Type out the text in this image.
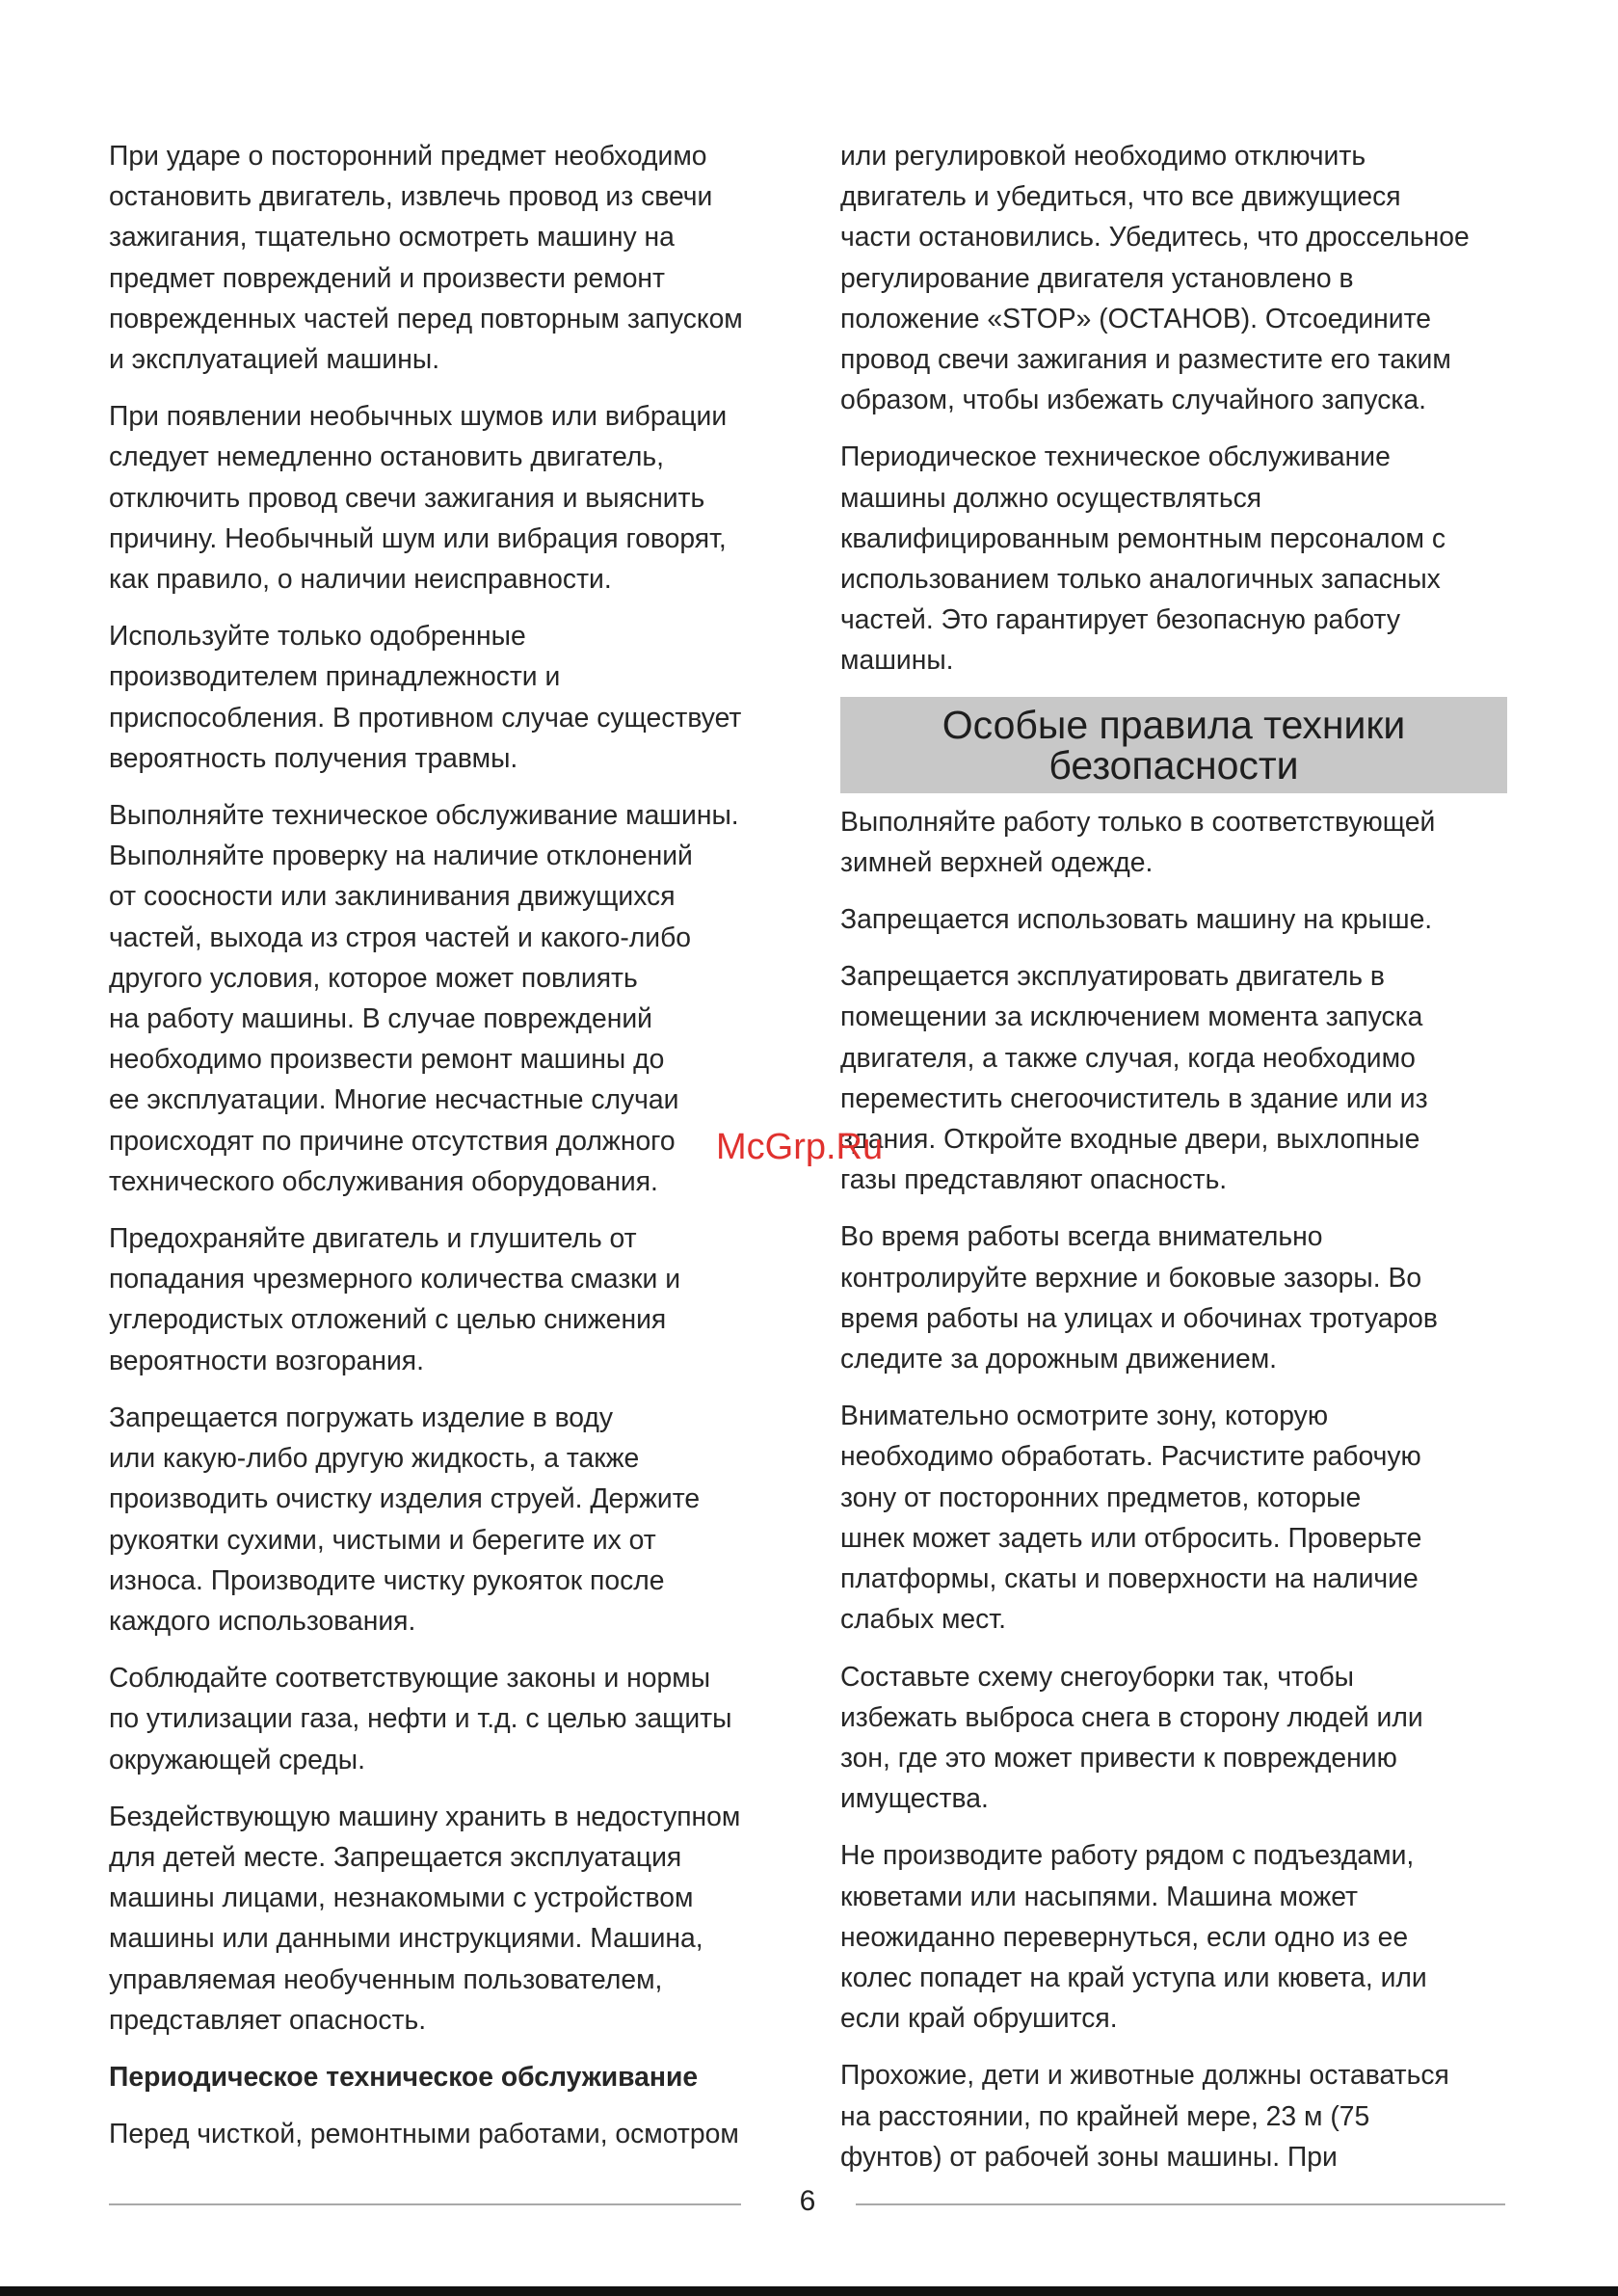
При ударе о посторонний предмет необходимо
остановить двигатель, извлечь провод из свечи
зажигания, тщательно осмотреть машину на
предмет повреждений и произвести ремонт
поврежденных частей перед повторным запуском
и эксплуатацией машины.

При появлении необычных шумов или вибрации
следует немедленно остановить двигатель,
отключить провод свечи зажигания и выяснить
причину. Необычный шум или вибрация говорят,
как правило, о наличии неисправности.

Используйте только одобренные
производителем принадлежности и
приспособления. В противном случае существует
вероятность получения травмы.

Выполняйте техническое обслуживание машины.
Выполняйте проверку на наличие отклонений
от соосности или заклинивания движущихся
частей, выхода из строя частей и какого-либо
другого условия, которое может повлиять
на работу машины. В случае повреждений
необходимо произвести ремонт машины до
ее эксплуатации. Многие несчастные случаи
происходят по причине отсутствия должного
технического обслуживания оборудования.

Предохраняйте двигатель и глушитель от
попадания чрезмерного количества смазки и
углеродистых отложений с целью снижения
вероятности возгорания.

Запрещается погружать изделие в воду
или какую-либо другую жидкость, а также
производить очистку изделия струей. Держите
рукоятки сухими, чистыми и берегите их от
износа. Производите чистку рукояток после
каждого использования.

Соблюдайте соответствующие законы и нормы
по утилизации газа, нефти и т.д. с целью защиты
окружающей среды.

Бездействующую машину хранить в недоступном
для детей месте. Запрещается эксплуатация
машины лицами, незнакомыми с устройством
машины или данными инструкциями. Машина,
управляемая необученным пользователем,
представляет опасность.

Периодическое техническое обслуживание

Перед чисткой, ремонтными работами, осмотром

или регулировкой необходимо отключить
двигатель и убедиться, что все движущиеся
части остановились. Убедитесь, что дроссельное
регулирование двигателя установлено в
положение «STOP» (ОСТАНОВ). Отсоедините
провод свечи зажигания и разместите его таким
образом, чтобы избежать случайного запуска.

Периодическое техническое обслуживание
машины должно осуществляться
квалифицированным ремонтным персоналом с
использованием только аналогичных запасных
частей. Это гарантирует безопасную работу
машины.

Особые правила техники
безопасности

Выполняйте работу только в соответствующей
зимней верхней одежде.

Запрещается использовать машину на крыше.

Запрещается эксплуатировать двигатель в
помещении за исключением момента запуска
двигателя, а также случая, когда необходимо
переместить снегоочиститель в здание или из
здания. Откройте входные двери, выхлопные
газы представляют опасность.

Во время работы всегда внимательно
контролируйте верхние и боковые зазоры. Во
время работы на улицах и обочинах тротуаров
следите за дорожным движением.

Внимательно осмотрите зону, которую
необходимо обработать. Расчистите рабочую
зону от посторонних предметов, которые
шнек может задеть или отбросить. Проверьте
платформы, скаты и поверхности на наличие
слабых мест.

Составьте схему снегоуборки так, чтобы
избежать выброса снега в сторону людей или
зон, где это может привести к повреждению
имущества.

Не производите работу рядом с подъездами,
кюветами или насыпями. Машина может
неожиданно перевернуться, если одно из ее
колес попадет на край уступа или кювета, или
если край обрушится.

Прохожие, дети и животные должны оставаться
на расстоянии, по крайней мере, 23 м (75
фунтов) от рабочей зоны машины. При

McGrp.Ru
6
